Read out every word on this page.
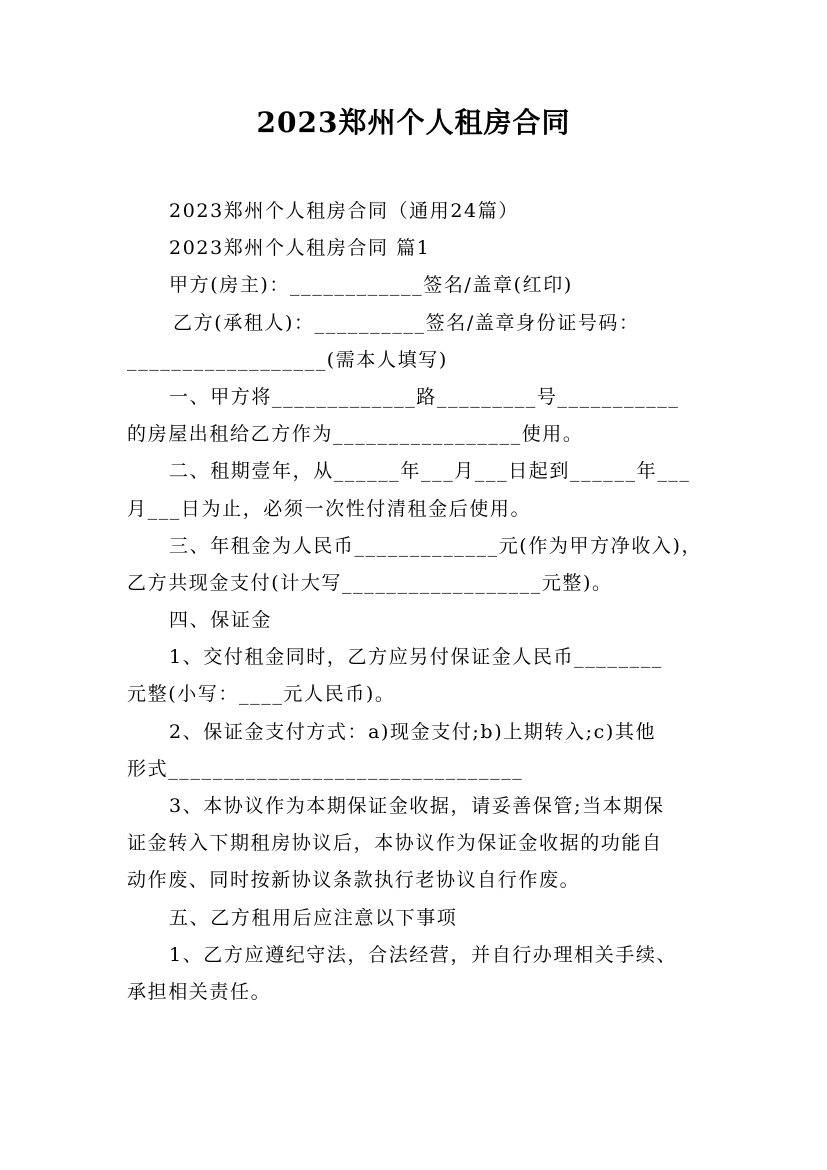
2023郑州个人租房合同
2023郑州个人租房合同（通用24篇）
2023郑州个人租房合同 篇1
甲方(房主)：____________签名/盖章(红印)
乙方(承租人)：__________签名/盖章身份证号码：
__________________(需本人填写)
一、甲方将_____________路_________号___________
的房屋出租给乙方作为_________________使用。
二、租期壹年，从______年___月___日起到______年___
月___日为止，必须一次性付清租金后使用。
三、年租金为人民币_____________元(作为甲方净收入)，
乙方共现金支付(计大写__________________元整)。
四、保证金
1、交付租金同时，乙方应另付保证金人民币________
元整(小写：____元人民币)。
2、保证金支付方式：a)现金支付;b)上期转入;c)其他
形式________________________________
3、本协议作为本期保证金收据，请妥善保管;当本期保
证金转入下期租房协议后，本协议作为保证金收据的功能自
动作废、同时按新协议条款执行老协议自行作废。
五、乙方租用后应注意以下事项
1、乙方应遵纪守法，合法经营，并自行办理相关手续、
承担相关责任。
